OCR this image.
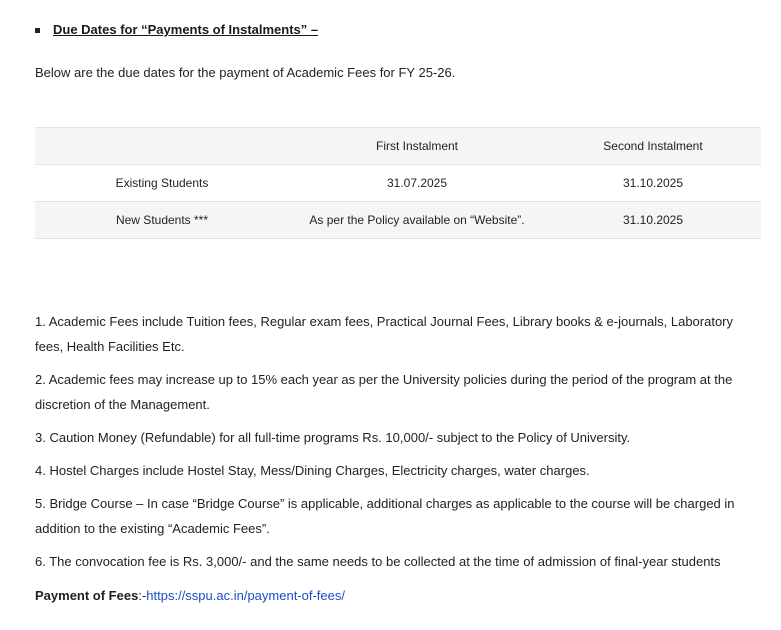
Due Dates for “Payments of Instalments” –
Below are the due dates for the payment of Academic Fees for FY 25-26.
	First Instalment	Second Instalment
Existing Students	31.07.2025	31.10.2025
New Students ***	As per the Policy available on “Website”.	31.10.2025

1. Academic Fees include Tuition fees, Regular exam fees, Practical Journal Fees, Library books & e-journals, Laboratory fees, Health Facilities Etc.

2. Academic fees may increase up to 15% each year as per the University policies during the period of the program at the discretion of the Management.

3. Caution Money (Refundable) for all full-time programs Rs. 10,000/- subject to the Policy of University.

4. Hostel Charges include Hostel Stay, Mess/Dining Charges, Electricity charges, water charges.

5. Bridge Course – In case “Bridge Course” is applicable, additional charges as applicable to the course will be charged in addition to the existing “Academic Fees”.

6. The convocation fee is Rs. 3,000/- and the same needs to be collected at the time of admission of final-year students

Payment of Fees:-https://sspu.ac.in/payment-of-fees/
